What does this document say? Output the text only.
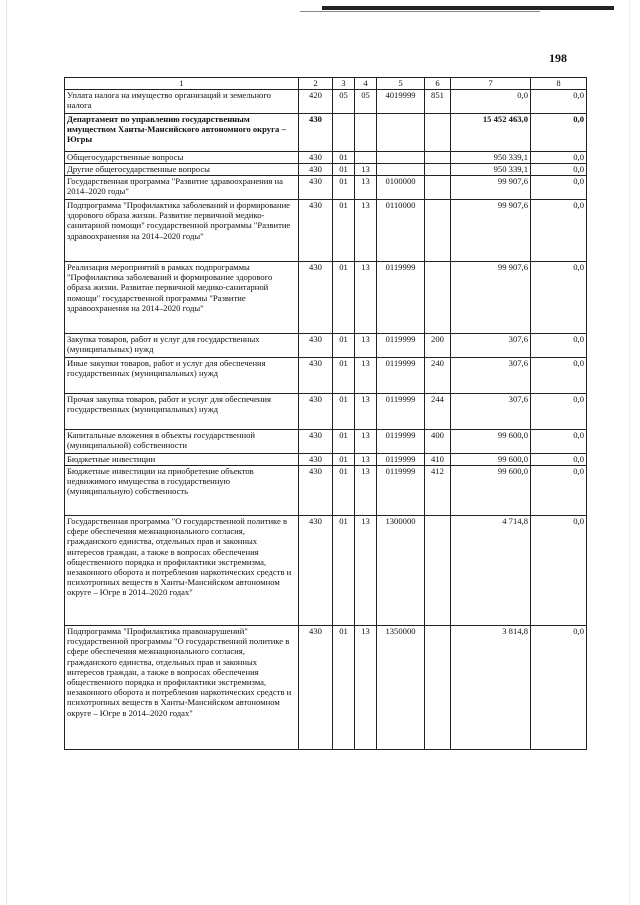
198
1	2	3	4	5	6	7	8
Уплата налога на имущество организаций и земельного налога	420	05	05	4019999	851	0,0	0,0
Департамент по управлению государственным имуществом Ханты-Мансийского автономного округа – Югры	430					15 452 463,0	0,0
Общегосударственные вопросы	430	01				950 339,1	0,0
Другие общегосударственные вопросы	430	01	13			950 339,1	0,0
Государственная программа "Развитие здравоохранения на 2014–2020 годы"	430	01	13	0100000		99 907,6	0,0
Подпрограмма "Профилактика заболеваний и формирование здорового образа жизни. Развитие первичной медико-санитарной помощи" государственной программы "Развитие здравоохранения на 2014–2020 годы"	430	01	13	0110000		99 907,6	0,0
Реализация мероприятий в рамках подпрограммы "Профилактика заболеваний и формирование здорового образа жизни. Развитие первичной медико-санитарной помощи" государственной программы "Развитие здравоохранения на 2014–2020 годы"	430	01	13	0119999		99 907,6	0,0
Закупка товаров, работ и услуг для государственных (муниципальных) нужд	430	01	13	0119999	200	307,6	0,0
Иные закупки товаров, работ и услуг для обеспечения государственных (муниципальных) нужд	430	01	13	0119999	240	307,6	0,0
Прочая закупка товаров, работ и услуг для обеспечения государственных (муниципальных) нужд	430	01	13	0119999	244	307,6	0,0
Капитальные вложения в объекты государственной (муниципальной) собственности	430	01	13	0119999	400	99 600,0	0,0
Бюджетные инвестиции	430	01	13	0119999	410	99 600,0	0,0
Бюджетные инвестиции на приобретение объектов недвижимого имущества в государственную (муниципальную) собственность	430	01	13	0119999	412	99 600,0	0,0
Государственная программа "О государственной политике в сфере обеспечения межнационального согласия, гражданского единства, отдельных прав и законных интересов граждан, а также в вопросах обеспечения общественного порядка и профилактики экстремизма, незаконного оборота и потребления наркотических средств и психотропных веществ в Ханты-Мансийском автономном округе – Югре в 2014–2020 годах"	430	01	13	1300000		4 714,8	0,0
Подпрограмма "Профилактика правонарушений" государственной программы "О государственной политике в сфере обеспечения межнационального согласия, гражданского единства, отдельных прав и законных интересов граждан, а также в вопросах обеспечения общественного порядка и профилактики экстремизма, незаконного оборота и потребления наркотических средств и психотропных веществ в Ханты-Мансийском автономном округе – Югре в 2014–2020 годах"	430	01	13	1350000		3 814,8	0,0
